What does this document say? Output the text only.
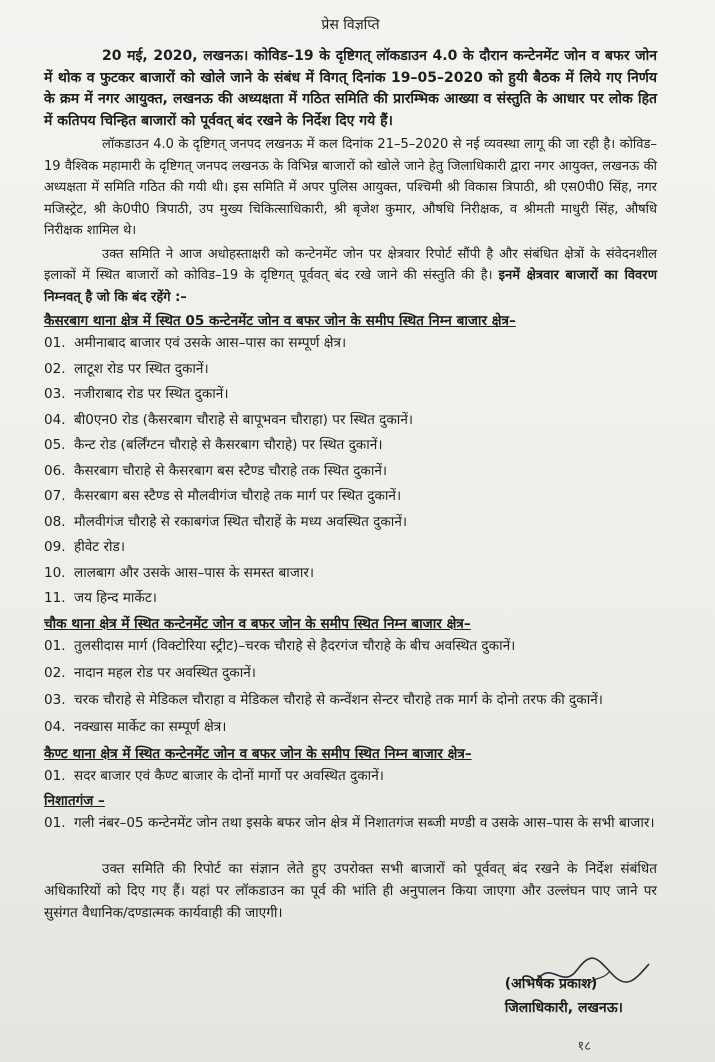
प्रेस विज्ञप्ति

20 मई, 2020, लखनऊ। कोविड–19 के दृष्टिगत् लॉकडाउन 4.0 के दौरान कन्टेनमेंट जोन व बफर जोन में थोक व फुटकर बाजारों को खोले जाने के संबंध में विगत् दिनांक 19–05–2020 को हुयी बैठक में लिये गए निर्णय के क्रम में नगर आयुक्त, लखनऊ की अध्यक्षता में गठित समिति की प्रारम्भिक आख्या व संस्तुति के आधार पर लोक हित में कतिपय चिन्हित बाजारों को पूर्ववत् बंद रखने के निर्देश दिए गये हैं।

लॉकडाउन 4.0 के दृष्टिगत् जनपद लखनऊ में कल दिनांक 21–5–2020 से नई व्यवस्था लागू की जा रही है। कोविड–19 वैश्विक महामारी के दृष्टिगत् जनपद लखनऊ के विभिन्न बाजारों को खोले जाने हेतु जिलाधिकारी द्वारा नगर आयुक्त, लखनऊ की अध्यक्षता में समिति गठित की गयी थी। इस समिति में अपर पुलिस आयुक्त, पश्चिमी श्री विकास त्रिपाठी, श्री एस0पी0 सिंह, नगर मजिस्ट्रेट, श्री के0पी0 त्रिपाठी, उप मुख्य चिकित्साधिकारी, श्री बृजेश कुमार, औषधि निरीक्षक, व श्रीमती माधुरी सिंह, औषधि निरीक्षक शामिल थे।

उक्त समिति ने आज अधोहस्ताक्षरी को कन्टेनमेंट जोन पर क्षेत्रवार रिपोर्ट सौंपी है और संबंधित क्षेत्रों के संवेदनशील इलाकों में स्थित बाजारों को कोविड–19 के दृष्टिगत् पूर्ववत् बंद रखे जाने की संस्तुति की है। इनमें क्षेत्रवार बाजारों का विवरण निम्नवत् है जो कि बंद रहेंगे :–

कैसरबाग थाना क्षेत्र में स्थित 05 कन्टेनमेंट जोन व बफर जोन के समीप स्थित निम्न बाजार क्षेत्र–
01. अमीनाबाद बाजार एवं उसके आस–पास का सम्पूर्ण क्षेत्र।
02. लाटूश रोड पर स्थित दुकानें।
03. नजीराबाद रोड पर स्थित दुकानें।
04. बी0एन0 रोड (कैसरबाग चौराहे से बापूभवन चौराहा) पर स्थित दुकानें।
05. कैन्ट रोड (बर्लिंग्टन चौराहे से कैसरबाग चौराहे) पर स्थित दुकानें।
06. कैसरबाग चौराहे से कैसरबाग बस स्टैण्ड चौराहे तक स्थित दुकानें।
07. कैसरबाग बस स्टैण्ड से मौलवीगंज चौराहे तक मार्ग पर स्थित दुकानें।
08. मौलवीगंज चौराहे से रकाबगंज स्थित चौराहें के मध्य अवस्थित दुकानें।
09. हीवेट रोड।
10. लालबाग और उसके आस–पास के समस्त बाजार।
11. जय हिन्द मार्केट।
चौक थाना क्षेत्र में स्थित कन्टेनमेंट जोन व बफर जोन के समीप स्थित निम्न बाजार क्षेत्र–
01. तुलसीदास मार्ग (विक्टोरिया स्ट्रीट)–चरक चौराहे से हैदरगंज चौराहे के बीच अवस्थित दुकानें।
02. नादान महल रोड पर अवस्थित दुकानें।
03. चरक चौराहे से मेडिकल चौराहा व मेडिकल चौराहे से कन्वेंशन सेन्टर चौराहे तक मार्ग के दोनो तरफ की दुकानें।
04. नक्खास मार्केट का सम्पूर्ण क्षेत्र।
कैण्ट थाना क्षेत्र में स्थित कन्टेनमेंट जोन व बफर जोन के समीप स्थित निम्न बाजार क्षेत्र–
01. सदर बाजार एवं कैण्ट बाजार के दोनों मार्गो पर अवस्थित दुकानें।
निशातगंज –
01. गली नंबर–05 कन्टेनमेंट जोन तथा इसके बफर जोन क्षेत्र में निशातगंज सब्जी मण्डी व उसके आस–पास के सभी बाजार।

उक्त समिति की रिपोर्ट का संज्ञान लेते हुए उपरोक्त सभी बाजारों को पूर्ववत् बंद रखने के निर्देश संबंधित अधिकारियों को दिए गए हैं। यहां पर लॉकडाउन का पूर्व की भांति ही अनुपालन किया जाएगा और उल्लंघन पाए जाने पर सुसंगत वैधानिक/दण्डात्मक कार्यवाही की जाएगी।

(अभिषेक प्रकाश)
जिलाधिकारी, लखनऊ।
१८
